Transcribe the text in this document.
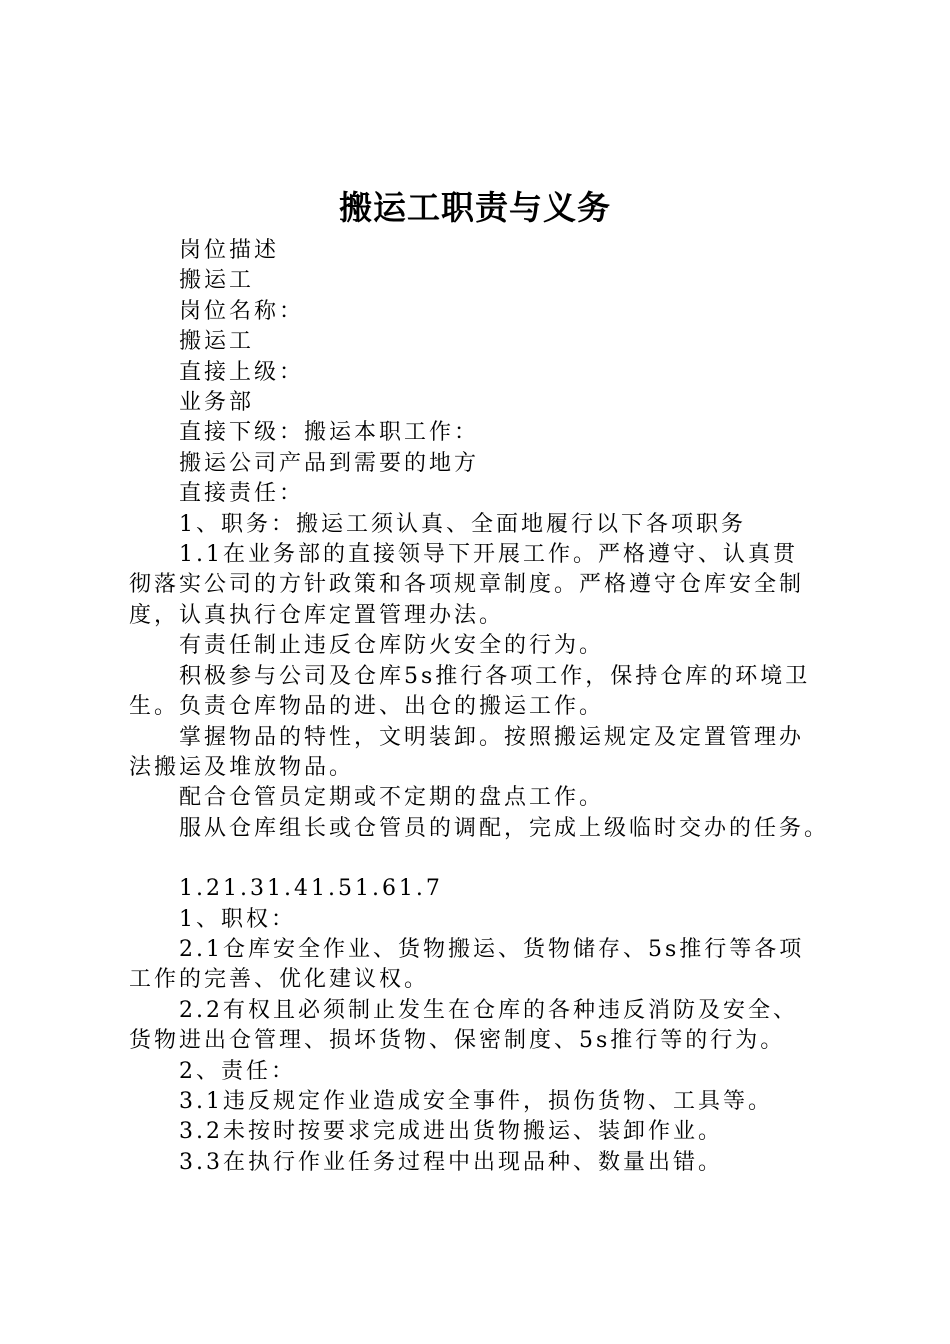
搬运工职责与义务

岗位描述

搬运工

岗位名称：

搬运工

直接上级：

业务部

直接下级：搬运本职工作：

搬运公司产品到需要的地方

直接责任：

1、职务：搬运工须认真、全面地履行以下各项职务

1.1在业务部的直接领导下开展工作。严格遵守、认真贯
彻落实公司的方针政策和各项规章制度。严格遵守仓库安全制
度，认真执行仓库定置管理办法。

有责任制止违反仓库防火安全的行为。

积极参与公司及仓库5s推行各项工作，保持仓库的环境卫
生。负责仓库物品的进、出仓的搬运工作。

掌握物品的特性，文明装卸。按照搬运规定及定置管理办
法搬运及堆放物品。

配合仓管员定期或不定期的盘点工作。

服从仓库组长或仓管员的调配，完成上级临时交办的任务。

1.21.31.41.51.61.7

1、职权：

2.1仓库安全作业、货物搬运、货物储存、5s推行等各项
工作的完善、优化建议权。

2.2有权且必须制止发生在仓库的各种违反消防及安全、
货物进出仓管理、损坏货物、保密制度、5s推行等的行为。

2、责任：

3.1违反规定作业造成安全事件，损伤货物、工具等。

3.2未按时按要求完成进出货物搬运、装卸作业。

3.3在执行作业任务过程中出现品种、数量出错。
